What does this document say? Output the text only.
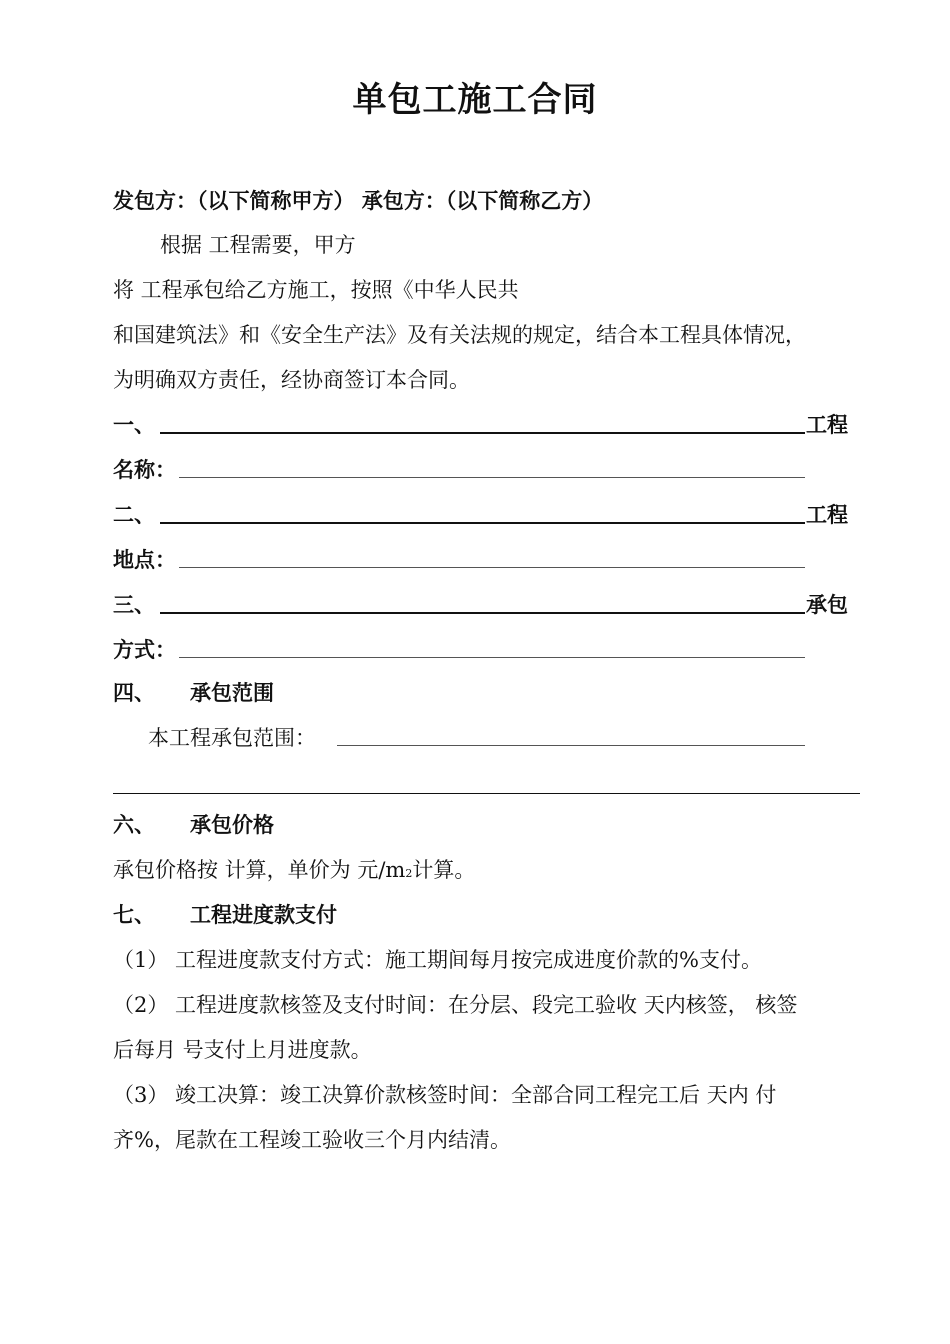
单包工施工合同
发包方：（以下简称甲方） 承包方：（以下简称乙方）
根据 工程需要，甲方
将 工程承包给乙方施工，按照《中华人民共
和国建筑法》和《安全生产法》及有关法规的规定，结合本工程具体情况，
为明确双方责任，经协商签订本合同。
一、	工程
名称：
二、	工程
地点：
三、	承包
方式：
四、 承包范围
本工程承包范围：
六、 承包价格
承包价格按 计算，单价为 元/m2计算。
七、 工程进度款支付
（1） 工程进度款支付方式：施工期间每月按完成进度价款的%支付。
（2） 工程进度款核签及支付时间：在分层、段完工验收 天内核签， 核签
后每月 号支付上月进度款。
（3） 竣工决算：竣工决算价款核签时间：全部合同工程完工后 天内 付
齐%，尾款在工程竣工验收三个月内结清。
